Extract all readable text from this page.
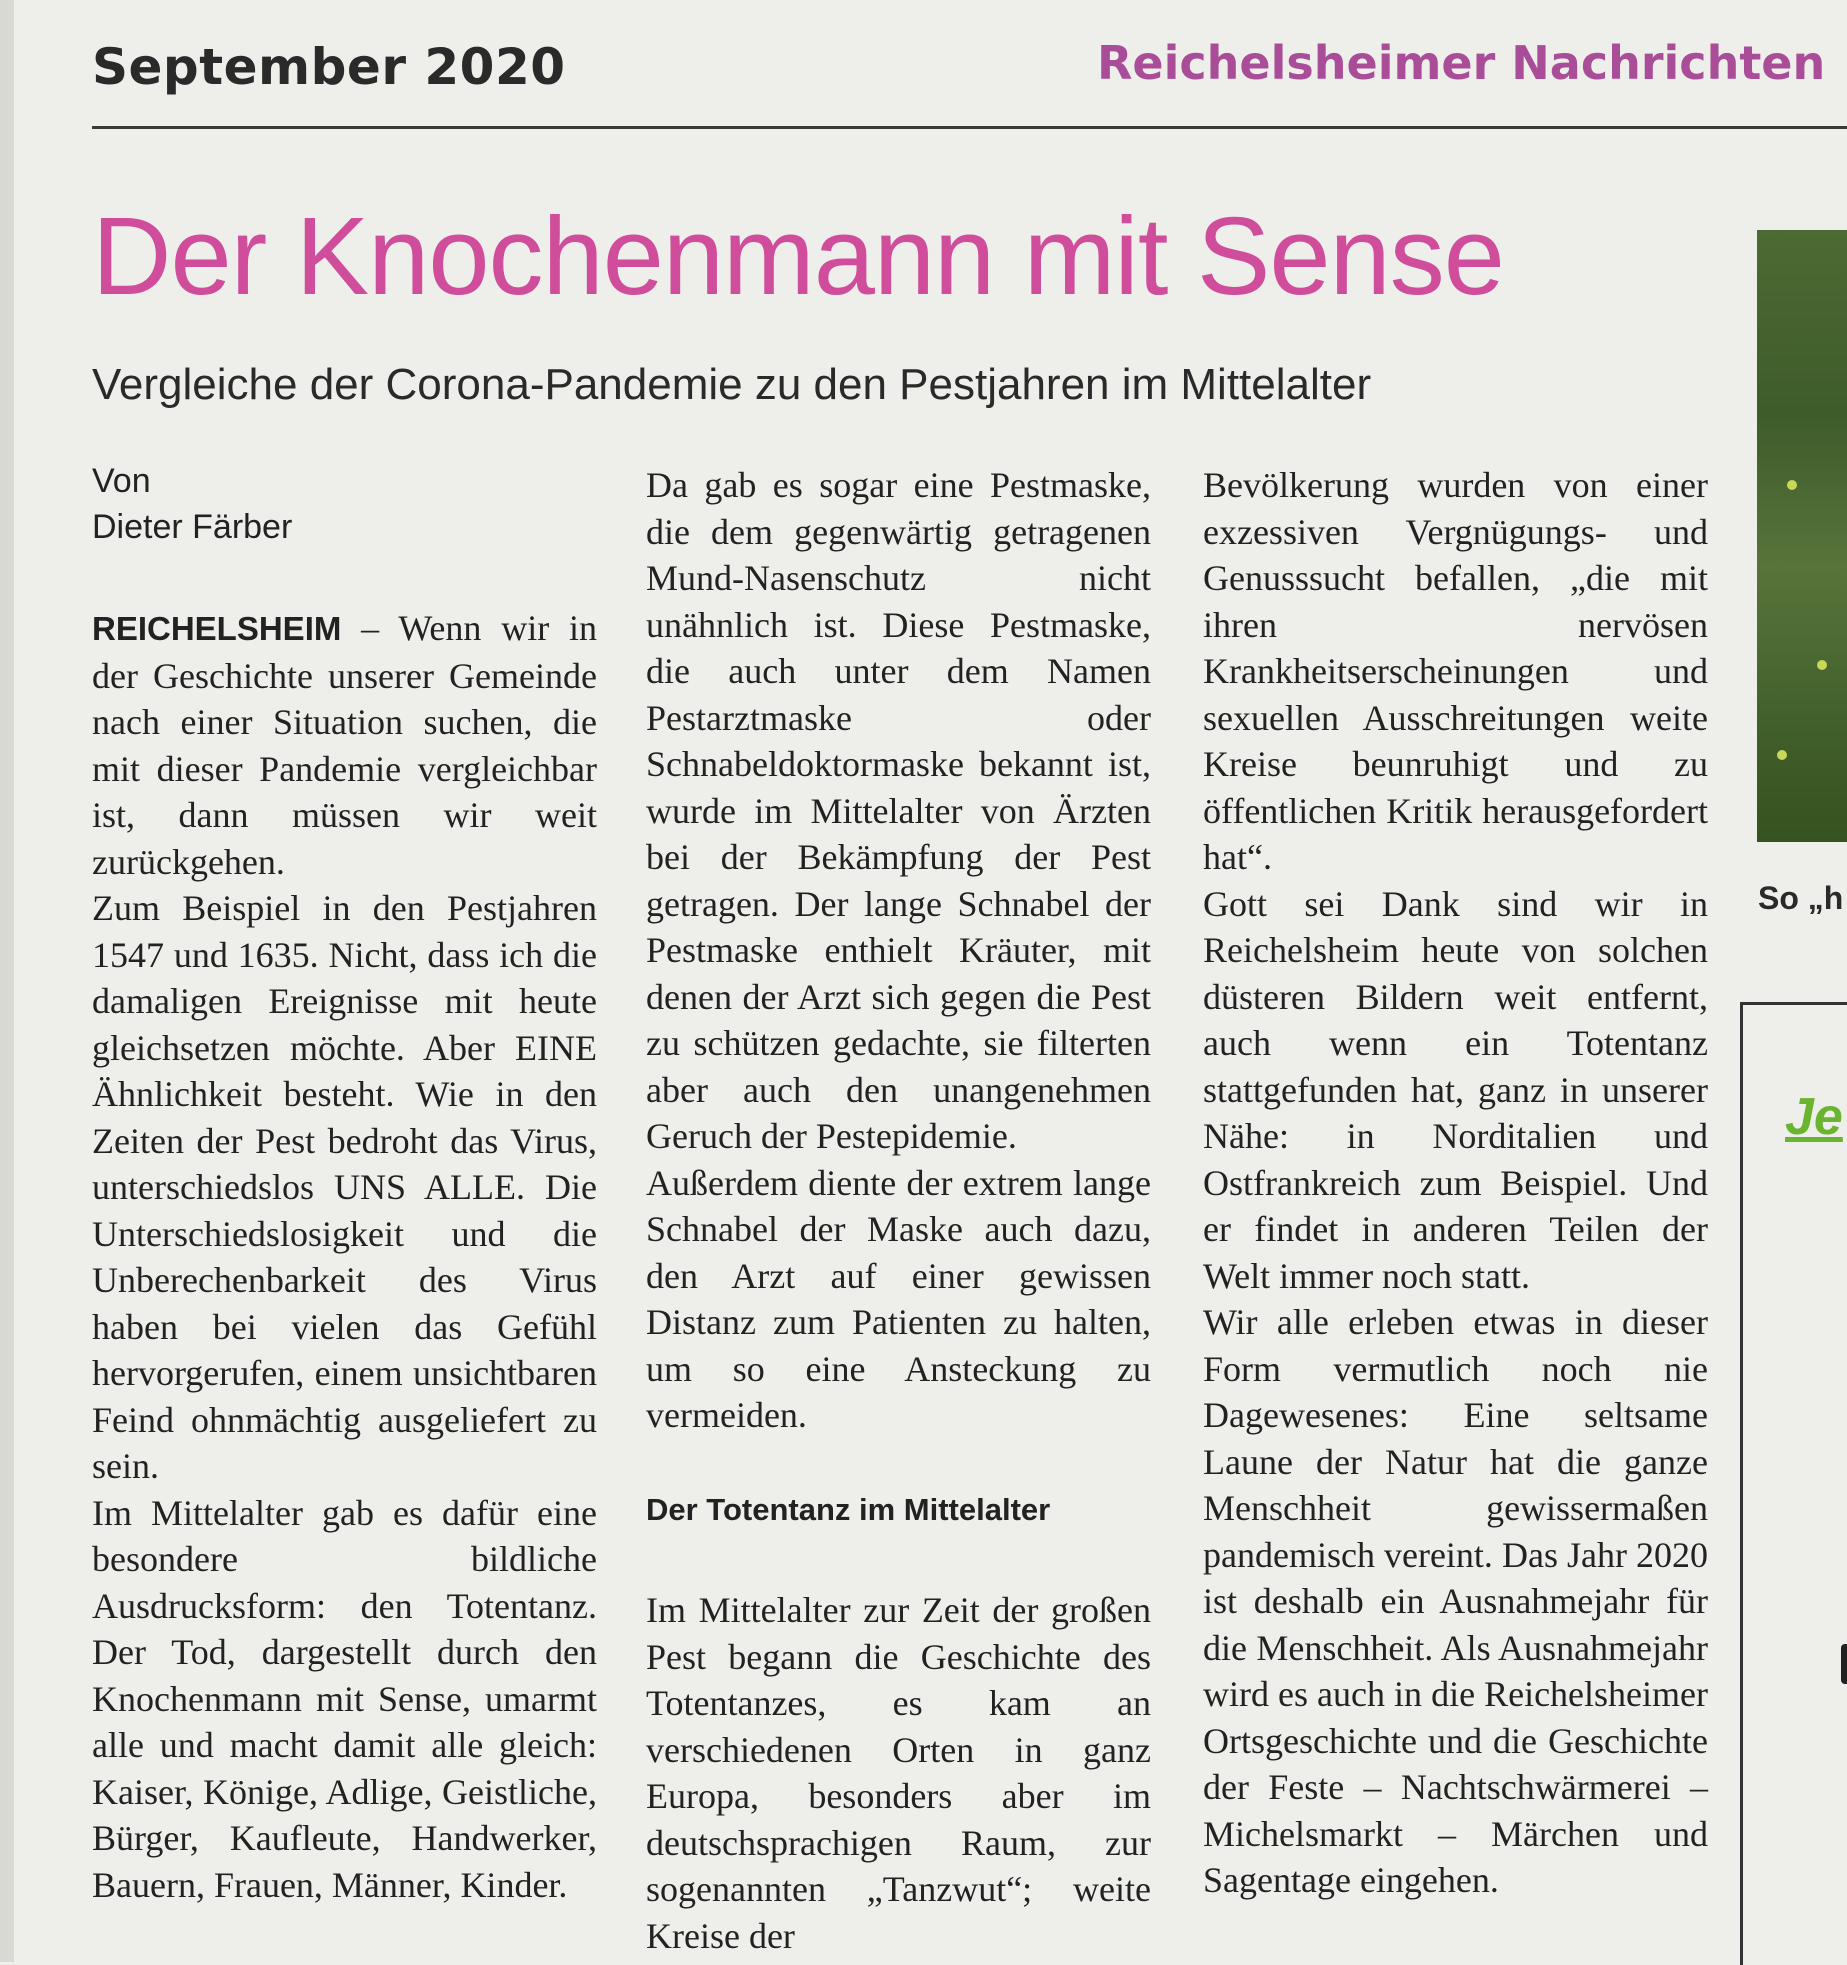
September 2020	Reichelsheimer Nachrichten
Der Knochenmann mit Sense
Vergleiche der Corona-Pandemie zu den Pestjahren im Mittelalter
Von
Dieter Färber

REICHELSHEIM – Wenn wir in der Geschichte unserer Gemeinde nach einer Situation suchen, die mit dieser Pandemie vergleichbar ist, dann müssen wir weit zurückgehen.

Zum Beispiel in den Pestjahren 1547 und 1635. Nicht, dass ich die damaligen Ereignisse mit heute gleichsetzen möchte. Aber EINE Ähnlichkeit besteht. Wie in den Zeiten der Pest bedroht das Virus, unterschiedslos UNS ALLE. Die Unterschiedslosigkeit und die Unberechenbarkeit des Virus haben bei vielen das Gefühl hervorgerufen, einem unsichtbaren Feind ohnmächtig ausgeliefert zu sein.

Im Mittelalter gab es dafür eine besondere bildliche Ausdrucksform: den Totentanz. Der Tod, dargestellt durch den Knochenmann mit Sense, umarmt alle und macht damit alle gleich: Kaiser, Könige, Adlige, Geistliche, Bürger, Kaufleute, Handwerker, Bauern, Frauen, Männer, Kinder.

Da gab es sogar eine Pestmaske, die dem gegenwärtig getragenen Mund-Nasenschutz nicht unähnlich ist. Diese Pestmaske, die auch unter dem Namen Pestarztmaske oder Schnabeldoktormaske bekannt ist, wurde im Mittelalter von Ärzten bei der Bekämpfung der Pest getragen. Der lange Schnabel der Pestmaske enthielt Kräuter, mit denen der Arzt sich gegen die Pest zu schützen gedachte, sie filterten aber auch den unangenehmen Geruch der Pestepidemie.

Außerdem diente der extrem lange Schnabel der Maske auch dazu, den Arzt auf einer gewissen Distanz zum Patienten zu halten, um so eine Ansteckung zu vermeiden.

Der Totentanz im Mittelalter

Im Mittelalter zur Zeit der großen Pest begann die Geschichte des Totentanzes, es kam an verschiedenen Orten in ganz Europa, besonders aber im deutschsprachigen Raum, zur sogenannten „Tanzwut“; weite Kreise der

Bevölkerung wurden von einer exzessiven Vergnügungs- und Genusssucht befallen, „die mit ihren nervösen Krankheitserscheinungen und sexuellen Ausschreitungen weite Kreise beunruhigt und zu öffentlichen Kritik herausgefordert hat“.

Gott sei Dank sind wir in Reichelsheim heute von solchen düsteren Bildern weit entfernt, auch wenn ein Totentanz stattgefunden hat, ganz in unserer Nähe: in Norditalien und Ostfrankreich zum Beispiel. Und er findet in anderen Teilen der Welt immer noch statt.

Wir alle erleben etwas in dieser Form vermutlich noch nie Dagewesenes: Eine seltsame Laune der Natur hat die ganze Menschheit gewissermaßen pandemisch vereint. Das Jahr 2020 ist deshalb ein Ausnahmejahr für die Menschheit. Als Ausnahmejahr wird es auch in die Reichelsheimer Ortsgeschichte und die Geschichte der Feste – Nachtschwärmerei – Michelsmarkt – Märchen und Sagentage eingehen.

So „h
Je
